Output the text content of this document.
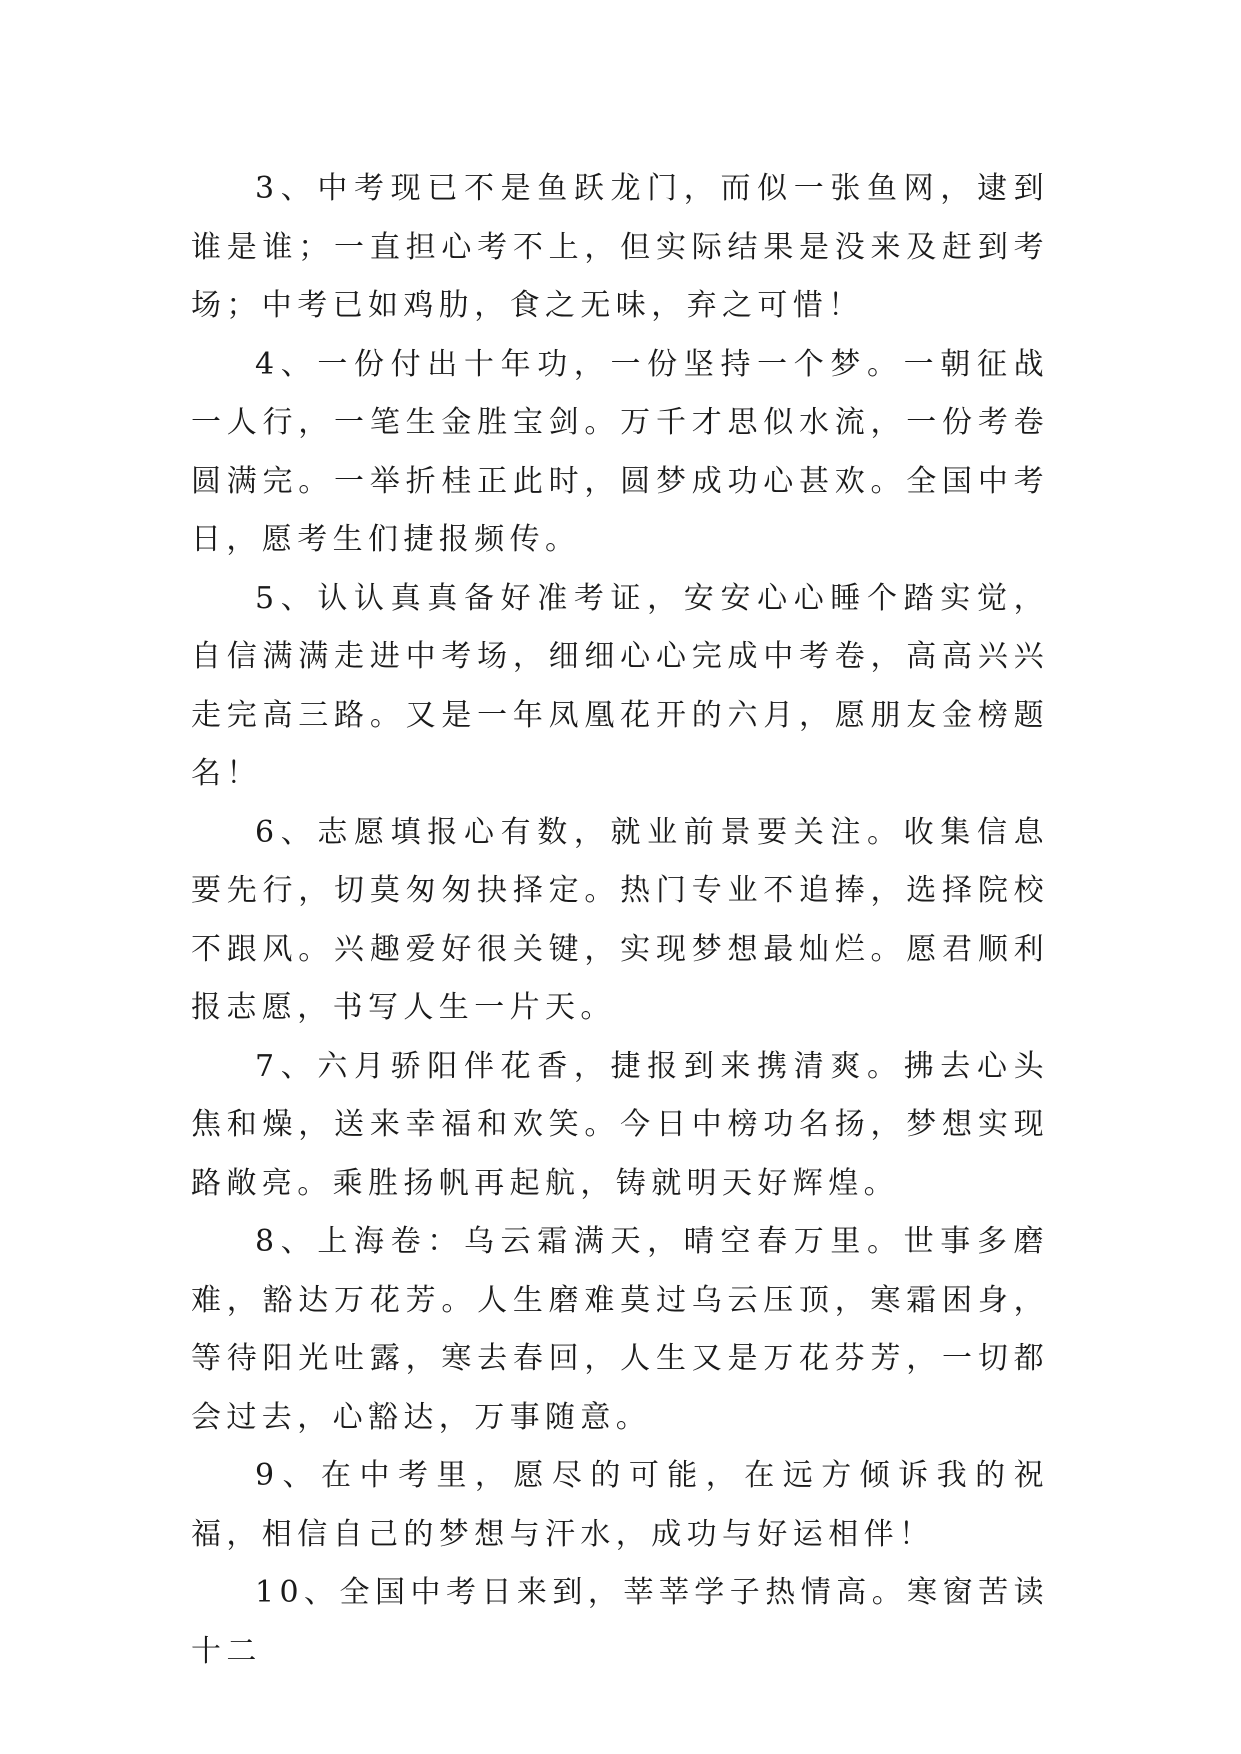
3、中考现已不是鱼跃龙门，而似一张鱼网，逮到谁是谁；一直担心考不上，但实际结果是没来及赶到考场；中考已如鸡肋，食之无味，弃之可惜！

4、一份付出十年功，一份坚持一个梦。一朝征战一人行，一笔生金胜宝剑。万千才思似水流，一份考卷圆满完。一举折桂正此时，圆梦成功心甚欢。全国中考日，愿考生们捷报频传。

5、认认真真备好准考证，安安心心睡个踏实觉，自信满满走进中考场，细细心心完成中考卷，高高兴兴走完高三路。又是一年凤凰花开的六月，愿朋友金榜题名！

6、志愿填报心有数，就业前景要关注。收集信息要先行，切莫匆匆抉择定。热门专业不追捧，选择院校不跟风。兴趣爱好很关键，实现梦想最灿烂。愿君顺利报志愿，书写人生一片天。

7、六月骄阳伴花香，捷报到来携清爽。拂去心头焦和燥，送来幸福和欢笑。今日中榜功名扬，梦想实现路敞亮。乘胜扬帆再起航，铸就明天好辉煌。

8、上海卷：乌云霜满天，晴空春万里。世事多磨难，豁达万花芳。人生磨难莫过乌云压顶，寒霜困身，等待阳光吐露，寒去春回，人生又是万花芬芳，一切都会过去，心豁达，万事随意。

9、在中考里，愿尽的可能，在远方倾诉我的祝福，相信自己的梦想与汗水，成功与好运相伴！

10、全国中考日来到，莘莘学子热情高。寒窗苦读十二
